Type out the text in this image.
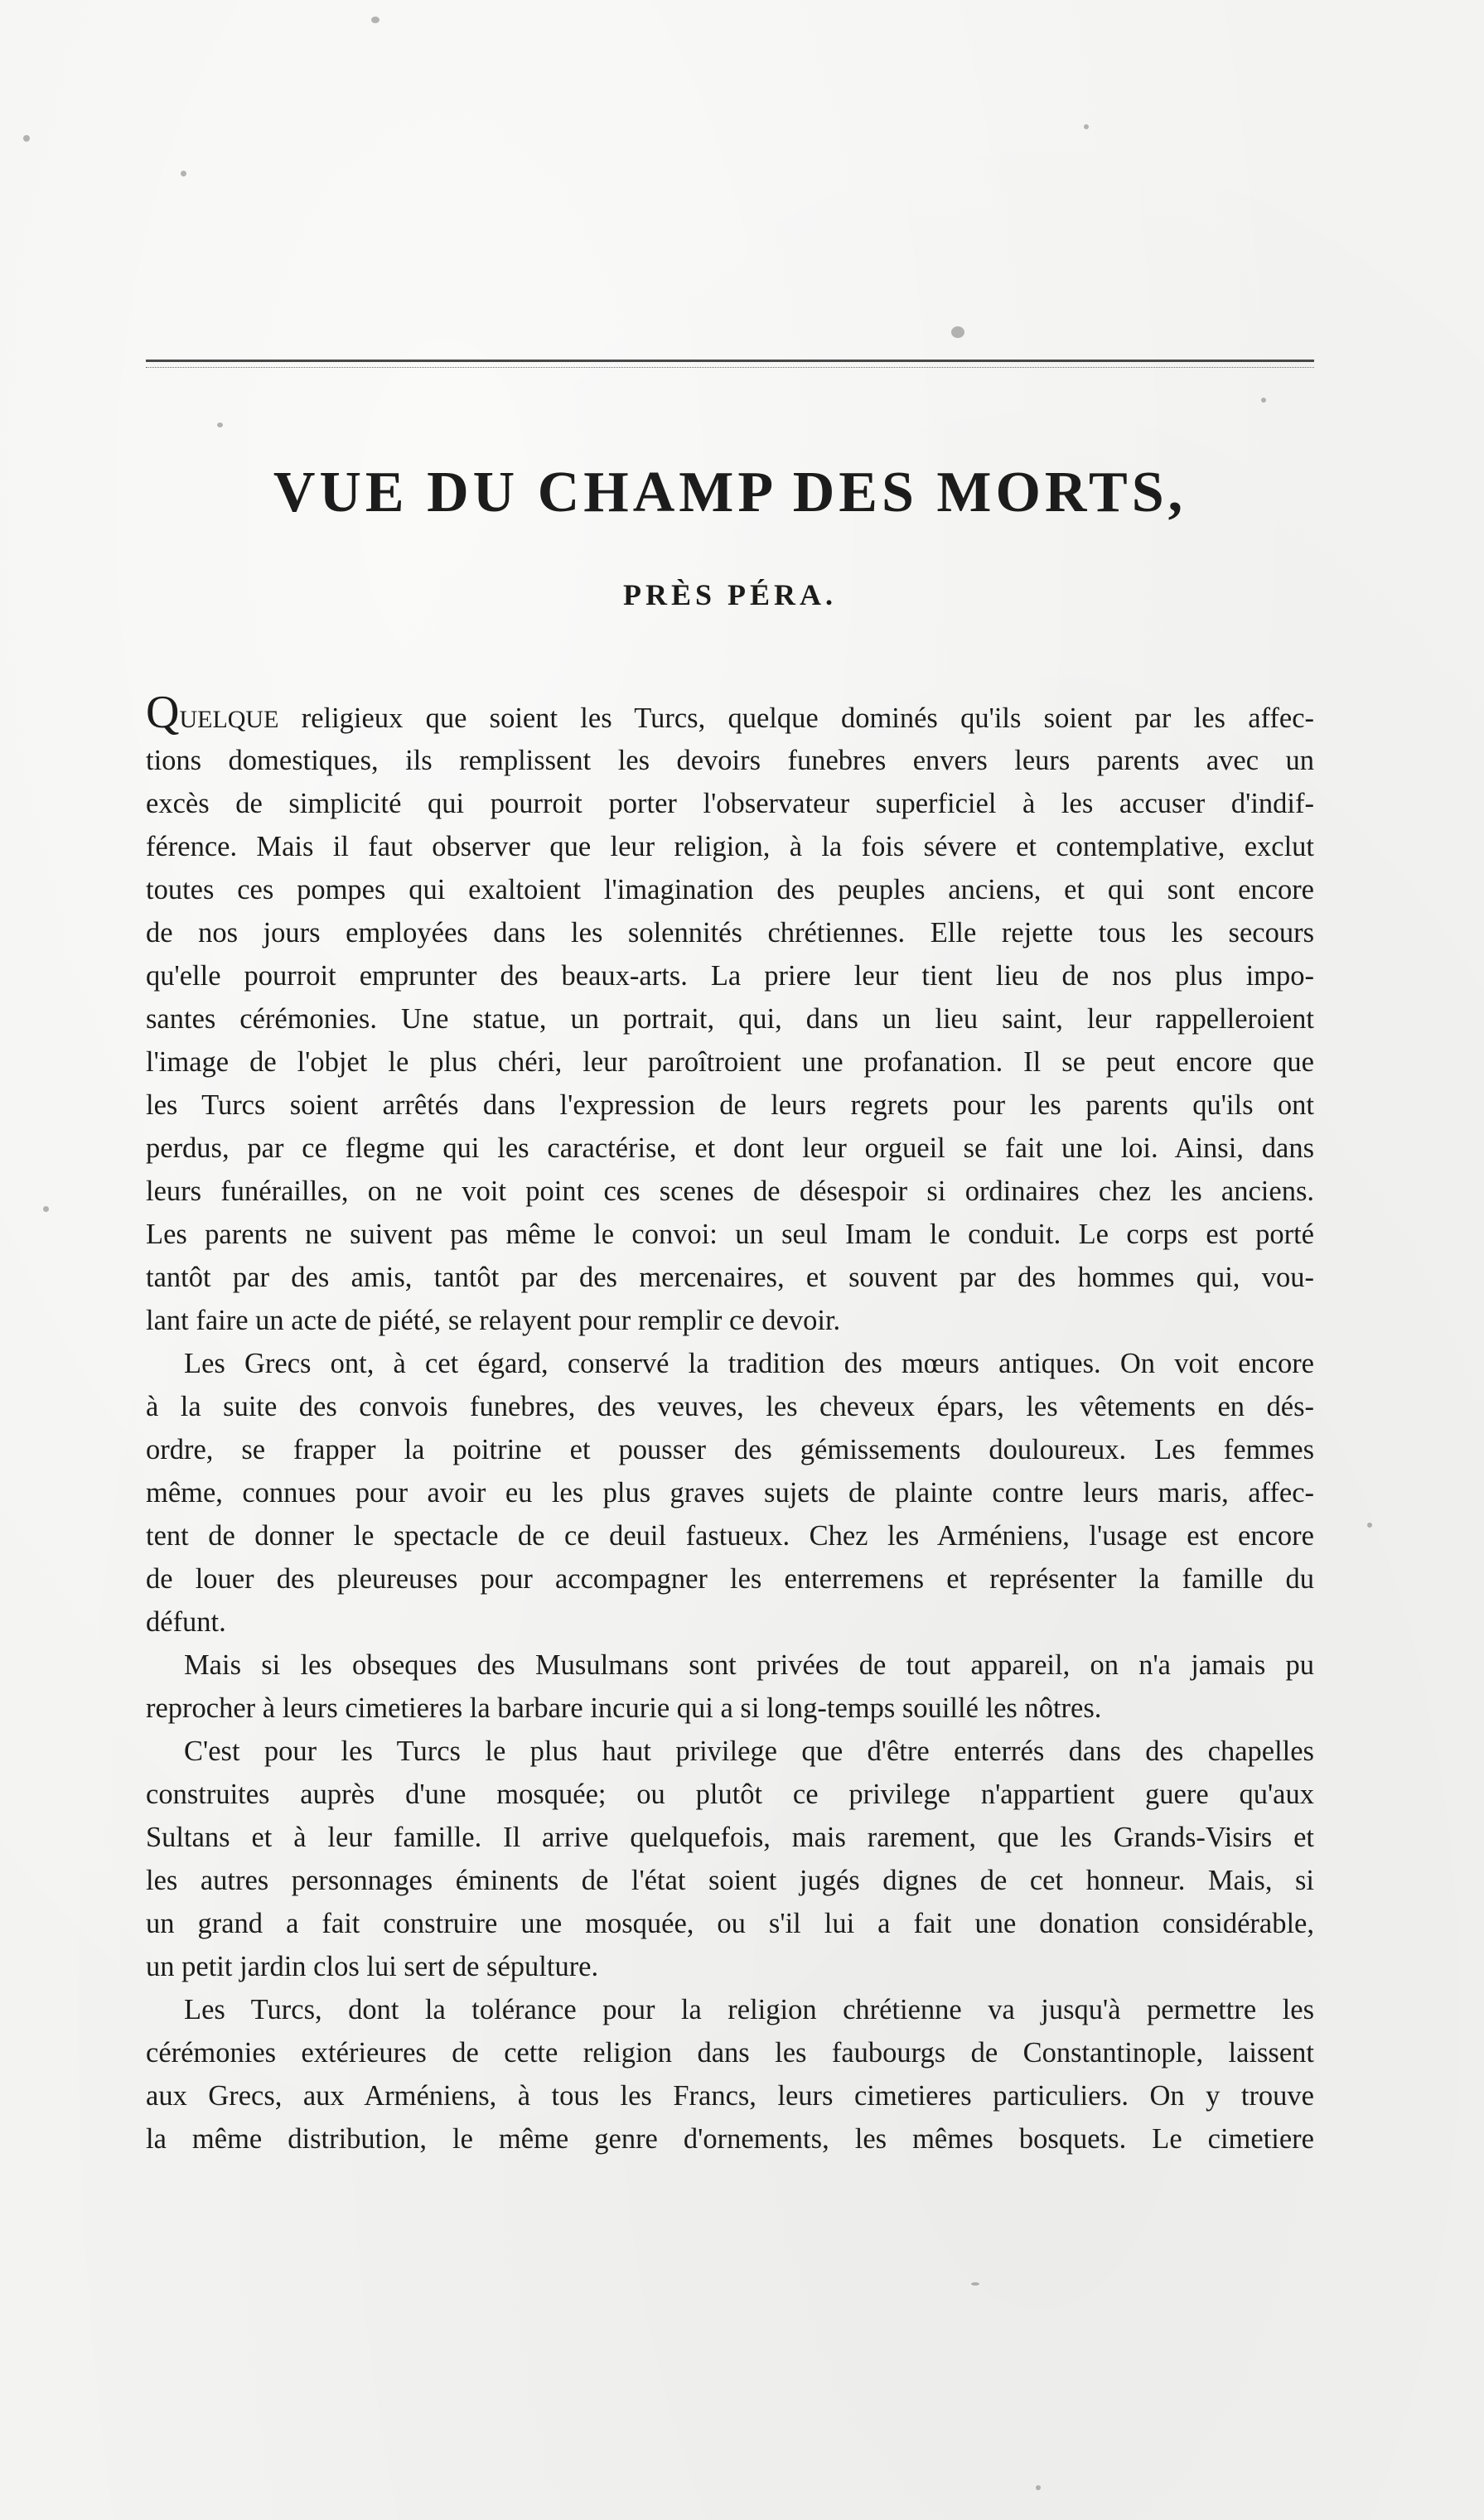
VUE DU CHAMP DES MORTS,
PRÈS PÉRA.
QUELQUE religieux que soient les Turcs, quelque dominés qu'ils soient par les affec-
tions domestiques, ils remplissent les devoirs funebres envers leurs parents avec un
excès de simplicité qui pourroit porter l'observateur superficiel à les accuser d'indif-
férence. Mais il faut observer que leur religion, à la fois sévere et contemplative, exclut
toutes ces pompes qui exaltoient l'imagination des peuples anciens, et qui sont encore
de nos jours employées dans les solennités chrétiennes. Elle rejette tous les secours
qu'elle pourroit emprunter des beaux-arts. La priere leur tient lieu de nos plus impo-
santes cérémonies. Une statue, un portrait, qui, dans un lieu saint, leur rappelleroient
l'image de l'objet le plus chéri, leur paroîtroient une profanation. Il se peut encore que
les Turcs soient arrêtés dans l'expression de leurs regrets pour les parents qu'ils ont
perdus, par ce flegme qui les caractérise, et dont leur orgueil se fait une loi. Ainsi, dans
leurs funérailles, on ne voit point ces scenes de désespoir si ordinaires chez les anciens.
Les parents ne suivent pas même le convoi: un seul Imam le conduit. Le corps est porté
tantôt par des amis, tantôt par des mercenaires, et souvent par des hommes qui, vou-
lant faire un acte de piété, se relayent pour remplir ce devoir.
Les Grecs ont, à cet égard, conservé la tradition des mœurs antiques. On voit encore
à la suite des convois funebres, des veuves, les cheveux épars, les vêtements en dés-
ordre, se frapper la poitrine et pousser des gémissements douloureux. Les femmes
même, connues pour avoir eu les plus graves sujets de plainte contre leurs maris, affec-
tent de donner le spectacle de ce deuil fastueux. Chez les Arméniens, l'usage est encore
de louer des pleureuses pour accompagner les enterremens et représenter la famille du
défunt.
Mais si les obseques des Musulmans sont privées de tout appareil, on n'a jamais pu
reprocher à leurs cimetieres la barbare incurie qui a si long-temps souillé les nôtres.
C'est pour les Turcs le plus haut privilege que d'être enterrés dans des chapelles
construites auprès d'une mosquée; ou plutôt ce privilege n'appartient guere qu'aux
Sultans et à leur famille. Il arrive quelquefois, mais rarement, que les Grands-Visirs et
les autres personnages éminents de l'état soient jugés dignes de cet honneur. Mais, si
un grand a fait construire une mosquée, ou s'il lui a fait une donation considérable,
un petit jardin clos lui sert de sépulture.
Les Turcs, dont la tolérance pour la religion chrétienne va jusqu'à permettre les
cérémonies extérieures de cette religion dans les faubourgs de Constantinople, laissent
aux Grecs, aux Arméniens, à tous les Francs, leurs cimetieres particuliers. On y trouve
la même distribution, le même genre d'ornements, les mêmes bosquets. Le cimetiere
